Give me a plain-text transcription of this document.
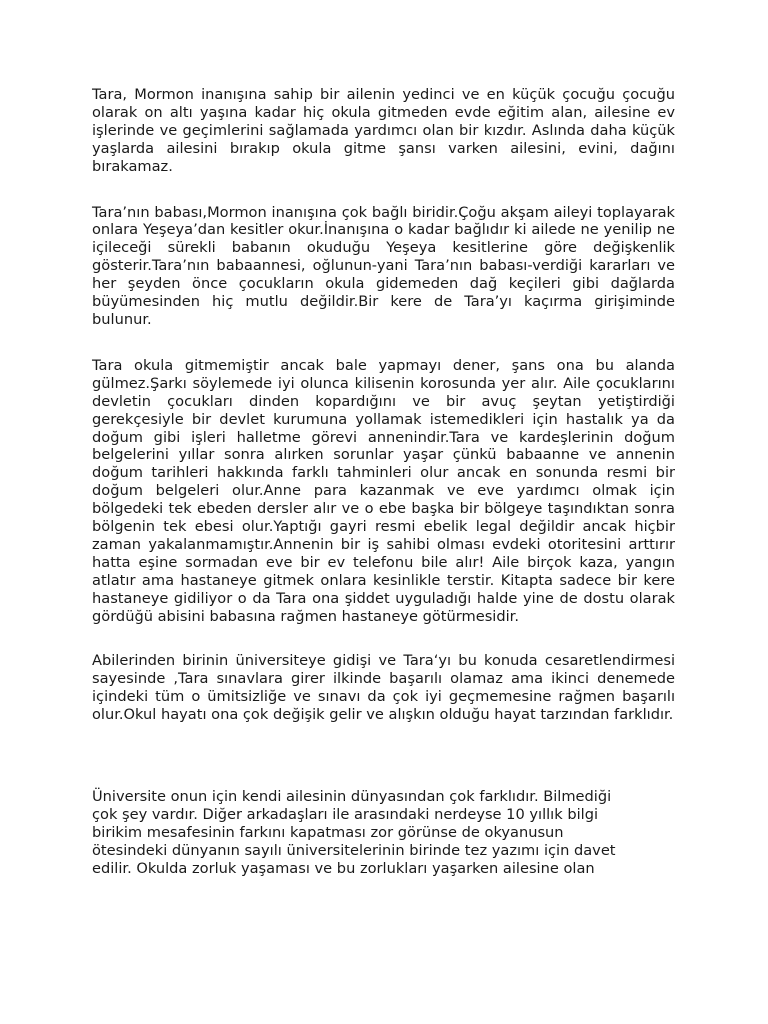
Tara, Mormon inanışına sahip bir ailenin yedinci ve en küçük çocuğu çocuğu olarak on altı yaşına kadar hiç okula gitmeden evde eğitim alan, ailesine ev işlerinde ve geçimlerini sağlamada yardımcı olan bir kızdır. Aslında daha küçük yaşlarda ailesini bırakıp okula gitme şansı varken ailesini, evini, dağını bırakamaz.

Tara’nın babası,Mormon inanışına çok bağlı biridir.Çoğu akşam aileyi toplayarak onlara Yeşeya’dan kesitler okur.İnanışına o kadar bağlıdır ki ailede ne yenilip ne içileceği sürekli babanın okuduğu Yeşeya kesitlerine göre değişkenlik gösterir.Tara’nın babaannesi, oğlunun-yani Tara’nın babası-verdiği kararları ve her şeyden önce çocukların okula gidemeden dağ keçileri gibi dağlarda büyümesinden hiç mutlu değildir.Bir kere de Tara’yı kaçırma girişiminde bulunur.

Tara okula gitmemiştir ancak bale yapmayı dener, şans ona bu alanda gülmez.Şarkı söylemede iyi olunca kilisenin korosunda yer alır. Aile çocuklarını devletin çocukları dinden kopardığını ve bir avuç şeytan yetiştirdiği gerekçesiyle bir devlet kurumuna yollamak istemedikleri için hastalık ya da doğum gibi işleri halletme görevi annenindir.Tara ve kardeşlerinin doğum belgelerini yıllar sonra alırken sorunlar yaşar çünkü babaanne ve annenin doğum tarihleri hakkında farklı tahminleri olur ancak en sonunda resmi bir doğum belgeleri olur.Anne para kazanmak ve eve yardımcı olmak için bölgedeki tek ebeden dersler alır ve o ebe başka bir bölgeye taşındıktan sonra bölgenin tek ebesi olur.Yaptığı gayri resmi ebelik legal değildir ancak hiçbir zaman yakalanmamıştır.Annenin bir iş sahibi olması evdeki otoritesini arttırır hatta eşine sormadan eve bir ev telefonu bile alır! Aile birçok kaza, yangın atlatır ama hastaneye gitmek onlara kesinlikle terstir. Kitapta sadece bir kere hastaneye gidiliyor o da Tara ona şiddet uyguladığı halde yine de dostu olarak gördüğü abisini babasına rağmen hastaneye götürmesidir.

Abilerinden birinin üniversiteye gidişi ve Tara‘yı bu konuda cesaretlendirmesi sayesinde ,Tara sınavlara girer ilkinde başarılı olamaz ama ikinci denemede içindeki tüm o ümitsizliğe ve sınavı da çok iyi geçmemesine rağmen başarılı olur.Okul hayatı ona çok değişik gelir ve alışkın olduğu hayat tarzından farklıdır.

Üniversite onun için kendi ailesinin dünyasından çok farklıdır. Bilmediği
çok şey vardır. Diğer arkadaşları ile arasındaki nerdeyse 10 yıllık bilgi
birikim mesafesinin farkını kapatması zor görünse de okyanusun
ötesindeki dünyanın sayılı üniversitelerinin birinde tez yazımı için davet
edilir. Okulda zorluk yaşaması ve bu zorlukları yaşarken ailesine olan
